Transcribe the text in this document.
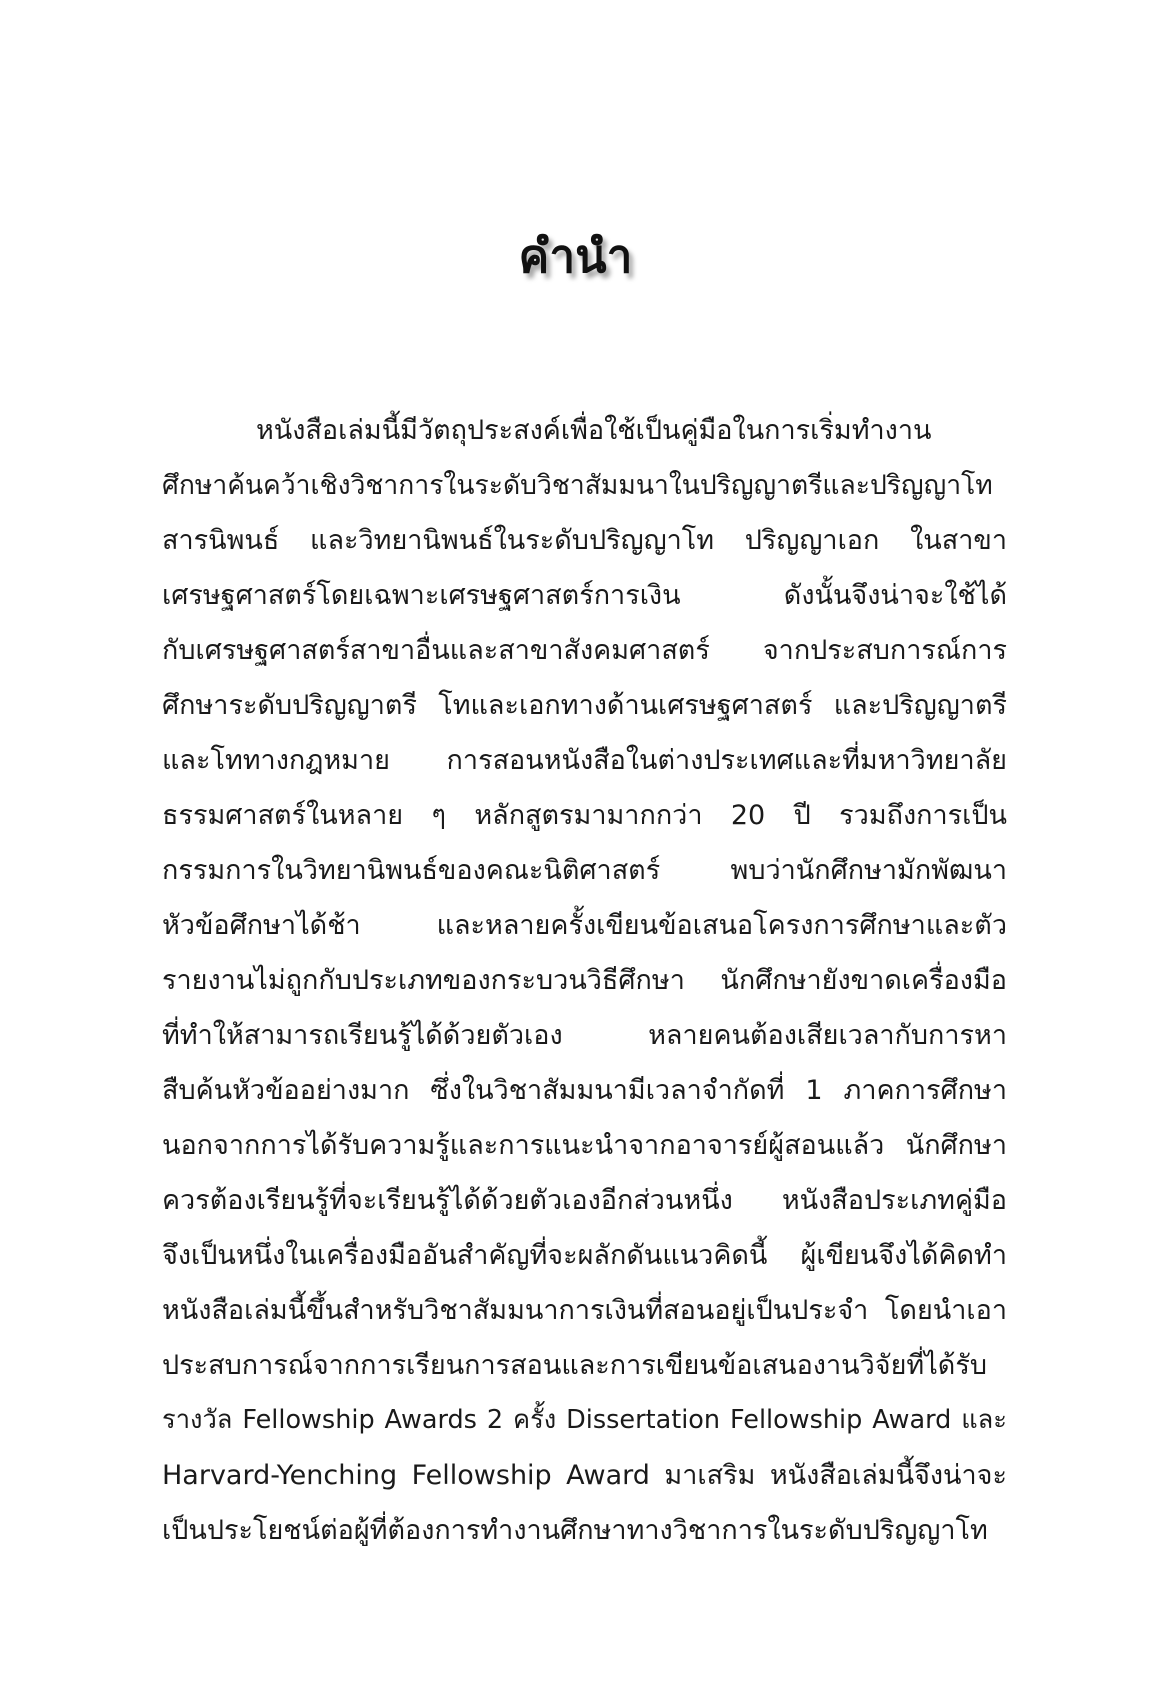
คำนำ
หนังสือเล่มนี้มีวัตถุประสงค์เพื่อใช้เป็นคู่มือในการเริ่มทำงาน
ศึกษาค้นคว้าเชิงวิชาการในระดับวิชาสัมมนาในปริญญาตรีและปริญญาโท
สารนิพนธ์ และวิทยานิพนธ์ในระดับปริญญาโท ปริญญาเอก ในสาขา
เศรษฐศาสตร์โดยเฉพาะเศรษฐศาสตร์การเงิน ดังนั้นจึงน่าจะใช้ได้
กับเศรษฐศาสตร์สาขาอื่นและสาขาสังคมศาสตร์ จากประสบการณ์การ
ศึกษาระดับปริญญาตรี โทและเอกทางด้านเศรษฐศาสตร์ และปริญญาตรี
และโททางกฎหมาย การสอนหนังสือในต่างประเทศและที่มหาวิทยาลัย
ธรรมศาสตร์ในหลาย ๆ หลักสูตรมามากกว่า 20 ปี รวมถึงการเป็น
กรรมการในวิทยานิพนธ์ของคณะนิติศาสตร์ พบว่านักศึกษามักพัฒนา
หัวข้อศึกษาได้ช้า และหลายครั้งเขียนข้อเสนอโครงการศึกษาและตัว
รายงานไม่ถูกกับประเภทของกระบวนวิธีศึกษา นักศึกษายังขาดเครื่องมือ
ที่ทำให้สามารถเรียนรู้ได้ด้วยตัวเอง หลายคนต้องเสียเวลากับการหา
สืบค้นหัวข้ออย่างมาก ซึ่งในวิชาสัมมนามีเวลาจำกัดที่ 1 ภาคการศึกษา
นอกจากการได้รับความรู้และการแนะนำจากอาจารย์ผู้สอนแล้ว นักศึกษา
ควรต้องเรียนรู้ที่จะเรียนรู้ได้ด้วยตัวเองอีกส่วนหนึ่ง หนังสือประเภทคู่มือ
จึงเป็นหนึ่งในเครื่องมืออันสำคัญที่จะผลักดันแนวคิดนี้ ผู้เขียนจึงได้คิดทำ
หนังสือเล่มนี้ขึ้นสำหรับวิชาสัมมนาการเงินที่สอนอยู่เป็นประจำ โดยนำเอา
ประสบการณ์จากการเรียนการสอนและการเขียนข้อเสนองานวิจัยที่ได้รับ
รางวัล Fellowship Awards 2 ครั้ง Dissertation Fellowship Award และ
Harvard-Yenching Fellowship Award มาเสริม หนังสือเล่มนี้จึงน่าจะ
เป็นประโยชน์ต่อผู้ที่ต้องการทำงานศึกษาทางวิชาการในระดับปริญญาโท
